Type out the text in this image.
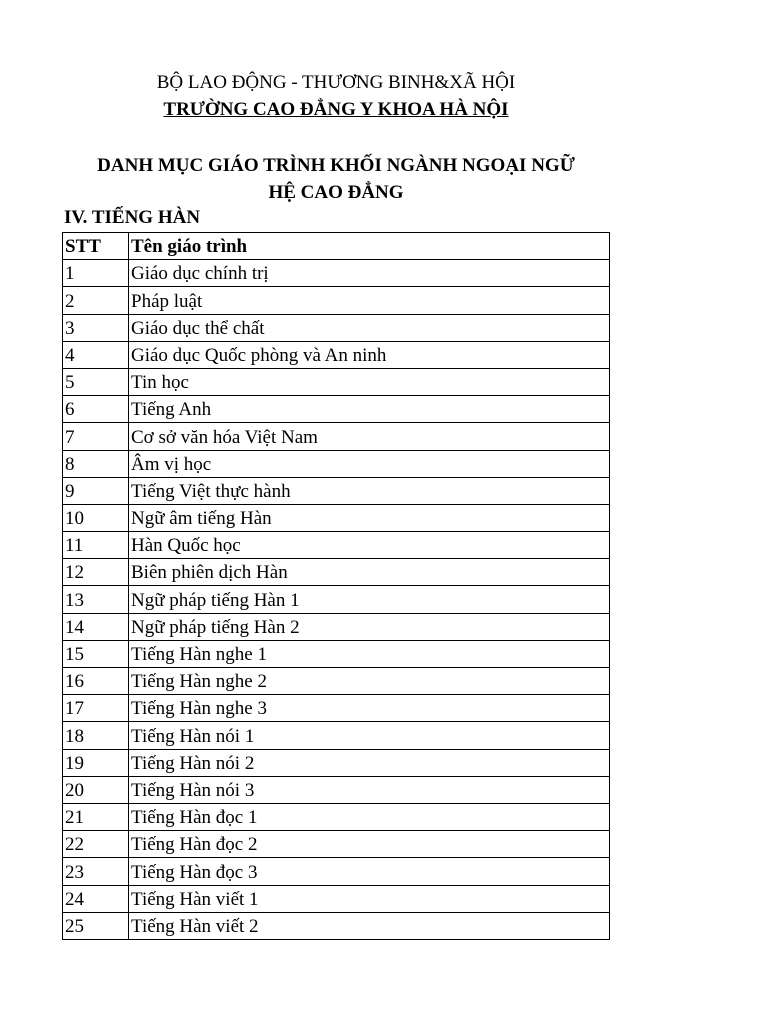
BỘ LAO ĐỘNG - THƯƠNG BINH&XÃ HỘI
TRƯỜNG CAO ĐẲNG Y KHOA HÀ NỘI
DANH MỤC GIÁO TRÌNH KHỐI NGÀNH NGOẠI NGỮ
HỆ CAO ĐẲNG
IV. TIẾNG HÀN
STT	Tên giáo trình
1	Giáo dục chính trị
2	Pháp luật
3	Giáo dục thể chất
4	Giáo dục Quốc phòng và An ninh
5	Tin học
6	Tiếng Anh
7	Cơ sở văn hóa Việt Nam
8	Âm vị học
9	Tiếng Việt thực hành
10	Ngữ âm tiếng Hàn
11	Hàn Quốc học
12	Biên phiên dịch Hàn
13	Ngữ pháp tiếng Hàn 1
14	Ngữ pháp tiếng Hàn 2
15	Tiếng Hàn nghe 1
16	Tiếng Hàn nghe 2
17	Tiếng Hàn nghe 3
18	Tiếng Hàn nói 1
19	Tiếng Hàn nói 2
20	Tiếng Hàn nói 3
21	Tiếng Hàn đọc 1
22	Tiếng Hàn đọc 2
23	Tiếng Hàn đọc 3
24	Tiếng Hàn viết 1
25	Tiếng Hàn viết 2
